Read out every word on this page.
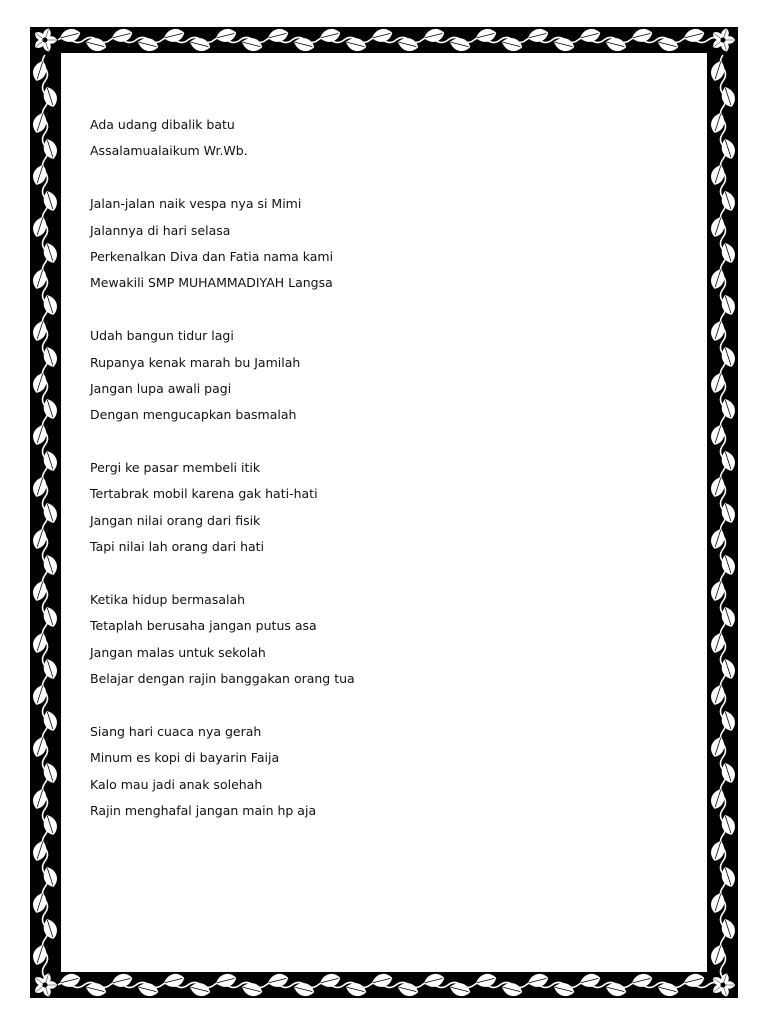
Ada udang dibalik batu
Assalamualaikum Wr.Wb.
Jalan-jalan naik vespa nya si Mimi
Jalannya di hari selasa
Perkenalkan Diva dan Fatia nama kami
Mewakili SMP MUHAMMADIYAH Langsa
Udah bangun tidur lagi
Rupanya kenak marah bu Jamilah
Jangan lupa awali pagi
Dengan mengucapkan basmalah
Pergi ke pasar membeli itik
Tertabrak mobil karena gak hati-hati
Jangan nilai orang dari fisik
Tapi nilai lah orang dari hati
Ketika hidup bermasalah
Tetaplah berusaha jangan putus asa
Jangan malas untuk sekolah
Belajar dengan rajin banggakan orang tua
Siang hari cuaca nya gerah
Minum es kopi di bayarin Faija
Kalo mau jadi anak solehah
Rajin menghafal jangan main hp aja
